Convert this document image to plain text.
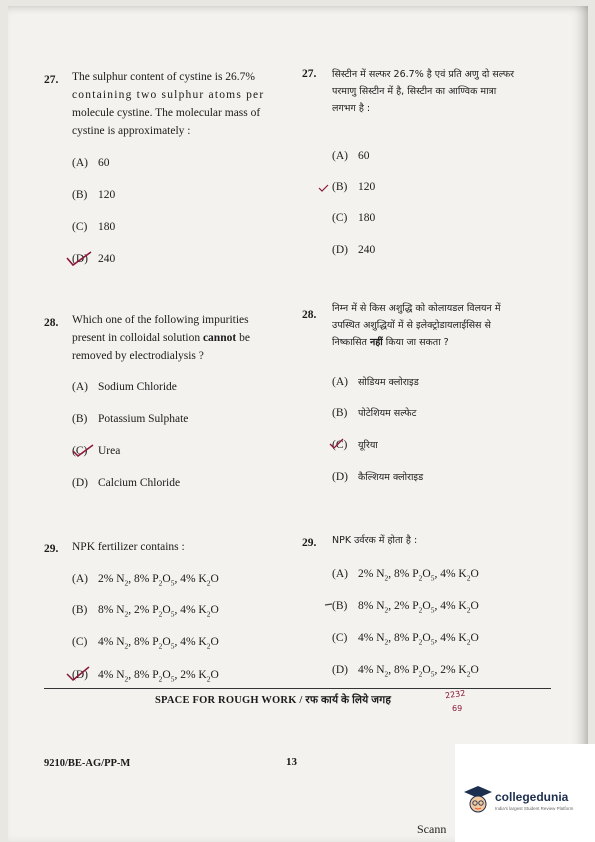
27. The sulphur content of cystine is 26.7%
containing two sulphur atoms per
molecule cystine. The molecular mass of
cystine is approximately :
(A) 60
(B) 120
(C) 180
(D) 240
27. सिस्टीन में सल्फर 26.7% है एवं प्रति अणु दो सल्फर
परमाणु सिस्टीन में है, सिस्टीन का आण्विक मात्रा
लगभग है :
(A) 60
(B) 120
(C) 180
(D) 240
28. Which one of the following impurities
present in colloidal solution cannot be
removed by electrodialysis ?
(A) Sodium Chloride
(B) Potassium Sulphate
(C) Urea
(D) Calcium Chloride
28.
निम्न में से किस अशुद्धि को कोलायडल विलयन में
उपस्थित अशुद्धियों में से इलेक्ट्रोडायलाईसिस से
निष्कासित नहीं किया जा सकता ?
(A) सोडियम क्लोराइड
(B) पोटेशियम सल्फेट
(C) यूरिया
(D) कैल्शियम क्लोराइड
29. NPK fertilizer contains :
(A) 2% $N_2$, 8% $P_2O_5$, 4% $K_2O$
(B) 8% $N_2$, 2% $P_2O_5$, 4% $K_2O$
(C) 4% $N_2$, 8% $P_2O_5$, 4% $K_2O$
(D) 4% $N_2$, 8% $P_2O_5$, 2% $K_2O$
29. NPK उर्वरक में होता है :
(A) 2% $N_2$, 8% $P_2O_5$, 4% $K_2O$
(B) 8% $N_2$, 2% $P_2O_5$, 4% $K_2O$
(C) 4% $N_2$, 8% $P_2O_5$, 4% $K_2O$
(D) 4% $N_2$, 8% $P_2O_5$, 2% $K_2O$
SPACE FOR ROUGH WORK / रफ कार्य के लिये जगह
2232
69
9210/BE-AG/PP-M	13
collegedunia
India's largest Student Review Platform
Scann
